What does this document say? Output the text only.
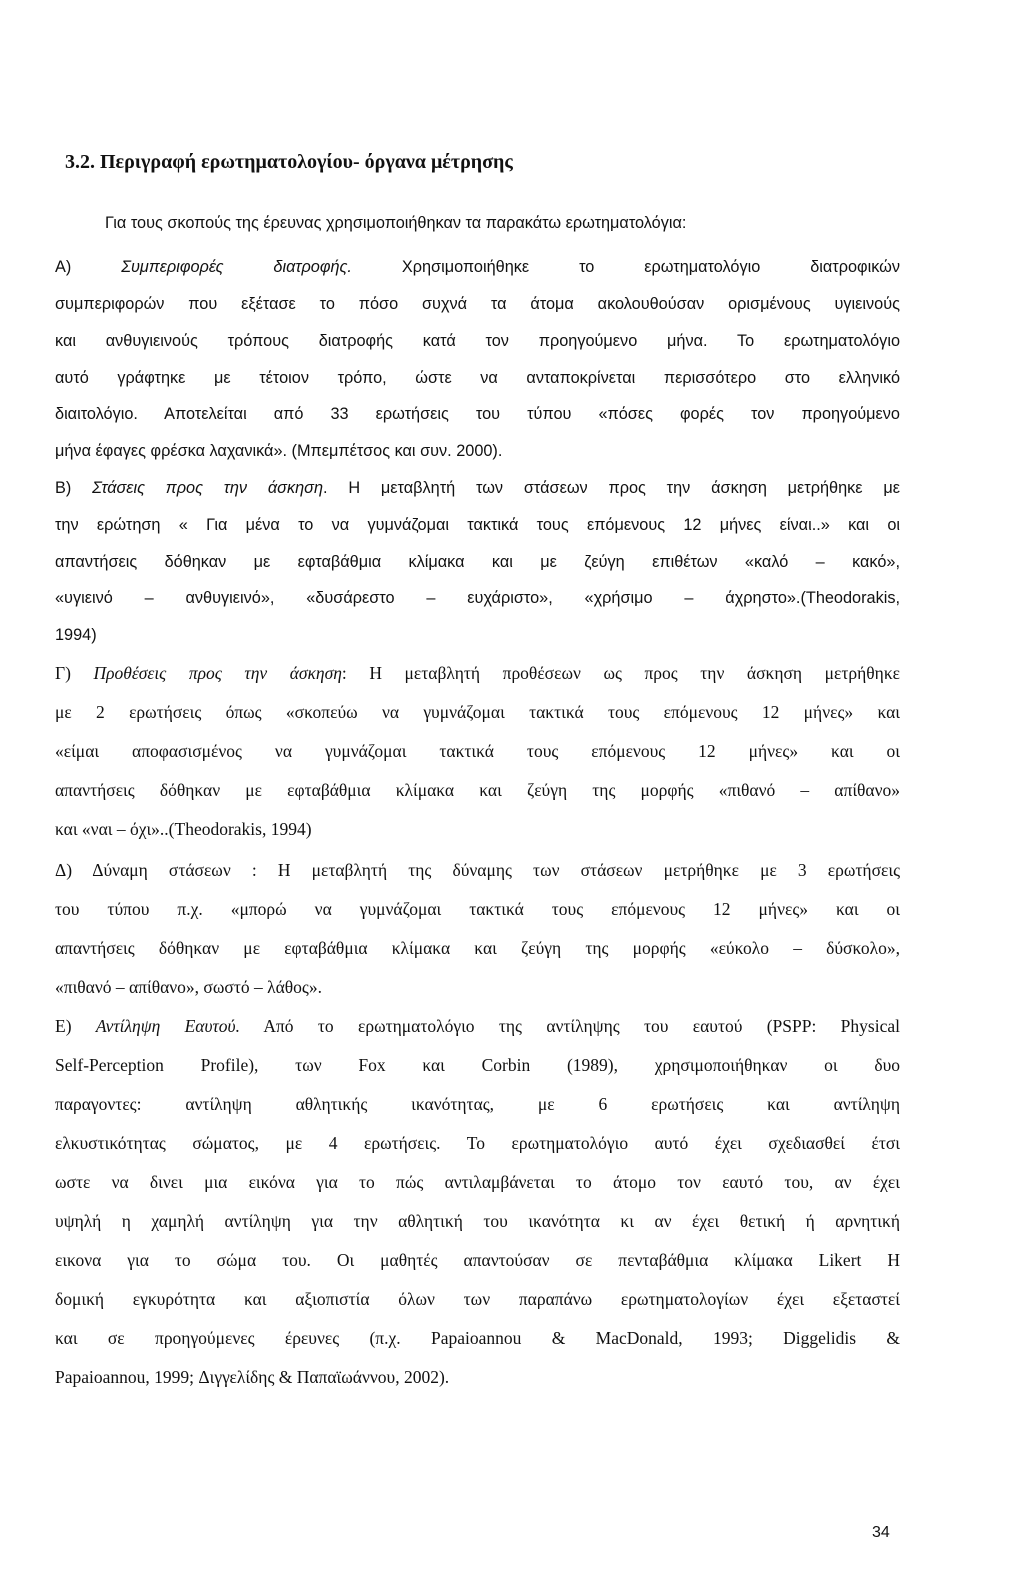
3.2. Περιγραφή ερωτηματολογίου- όργανα μέτρησης
Για τους σκοπούς της έρευνας χρησιμοποιήθηκαν τα παρακάτω ερωτηματολόγια:
Α) Συμπεριφορές διατροφής. Χρησιμοποιήθηκε το ερωτηματολόγιο διατροφικών
συμπεριφορών που εξέτασε το πόσο συχνά τα άτομα ακολουθούσαν ορισμένους υγιεινούς
και ανθυγιεινούς τρόπους διατροφής κατά τον προηγούμενο μήνα. Το ερωτηματολόγιο
αυτό γράφτηκε με τέτοιον τρόπο, ώστε να ανταποκρίνεται περισσότερο στο ελληνικό
διαιτολόγιο. Αποτελείται από 33 ερωτήσεις του τύπου «πόσες φορές τον προηγούμενο
μήνα έφαγες φρέσκα λαχανικά». (Μπεμπέτσος και συν. 2000).
Β) Στάσεις προς την άσκηση. Η μεταβλητή των στάσεων προς την άσκηση μετρήθηκε με
την ερώτηση « Για μένα το να γυμνάζομαι τακτικά τους επόμενους 12 μήνες είναι..» και οι
απαντήσεις δόθηκαν με εφταβάθμια κλίμακα και με ζεύγη επιθέτων «καλό – κακό»,
«υγιεινό – ανθυγιεινό», «δυσάρεστο – ευχάριστο», «χρήσιμο – άχρηστο».(Theodorakis,
1994)
Γ) Προθέσεις προς την άσκηση: Η μεταβλητή προθέσεων ως προς την άσκηση μετρήθηκε
με 2 ερωτήσεις όπως «σκοπεύω να γυμνάζομαι τακτικά τους επόμενους 12 μήνες» και
«είμαι αποφασισμένος να γυμνάζομαι τακτικά τους επόμενους 12 μήνες» και οι
απαντήσεις δόθηκαν με εφταβάθμια κλίμακα και ζεύγη της μορφής «πιθανό – απίθανο»
και «ναι – όχι»..(Theodorakis, 1994)
Δ) Δύναμη στάσεων : Η μεταβλητή της δύναμης των στάσεων μετρήθηκε με 3 ερωτήσεις
του τύπου π.χ. «μπορώ να γυμνάζομαι τακτικά τους επόμενους 12 μήνες» και οι
απαντήσεις δόθηκαν με εφταβάθμια κλίμακα και ζεύγη της μορφής «εύκολο – δύσκολο»,
«πιθανό – απίθανο», σωστό – λάθος».
Ε) Αντίληψη Εαυτού. Από το ερωτηματολόγιο της αντίληψης του εαυτού (PSPP: Physical
Self-Perception Profile), των Fox και Corbin (1989), χρησιμοποιήθηκαν οι δυο
παραγοντες: αντίληψη αθλητικής ικανότητας, με 6 ερωτήσεις και αντίληψη
ελκυστικότητας σώματος, με 4 ερωτήσεις. Το ερωτηματολόγιο αυτό έχει σχεδιασθεί έτσι
ωστε να δινει μια εικόνα για το πώς αντιλαμβάνεται το άτομο τον εαυτό του, αν έχει
υψηλή η χαμηλή αντίληψη για την αθλητική του ικανότητα κι αν έχει θετική ή αρνητική
εικονα για το σώμα του. Οι μαθητές απαντούσαν σε πενταβάθμια κλίμακα Likert Η
δομική εγκυρότητα και αξιοπιστία όλων των παραπάνω ερωτηματολογίων έχει εξεταστεί
και σε προηγούμενες έρευνες (π.χ. Papaioannou & MacDonald, 1993; Diggelidis &
Papaioannou, 1999; Διγγελίδης & Παπαϊωάννου, 2002).
34
